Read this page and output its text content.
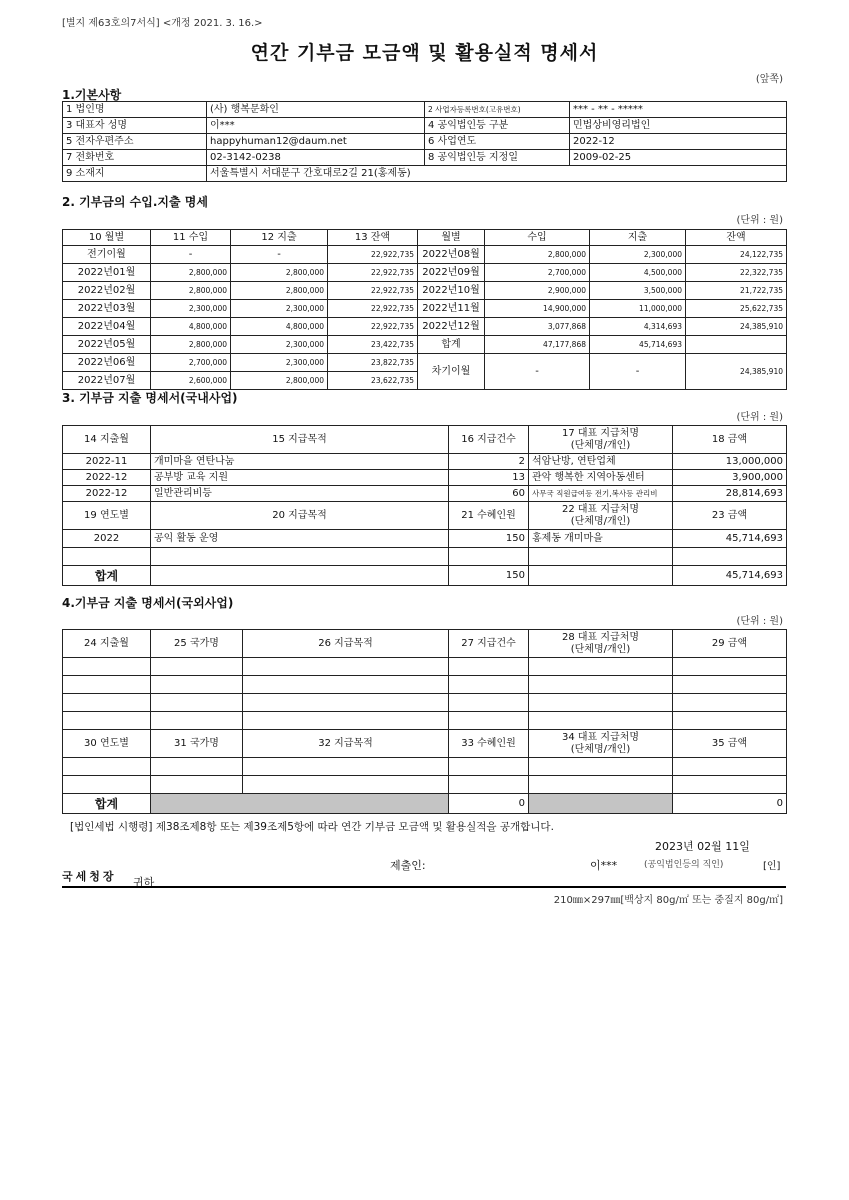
[별지 제63호의7서식] <개정 2021. 3. 16.>
연간 기부금 모금액 및 활용실적 명세서
(앞쪽)
1.기본사항
1 법인명	(사) 행복문화인	2 사업자등록번호(고유번호)	*** - ** - *****
3 대표자 성명	이***	4 공익법인등 구분	민법상비영리법인
5 전자우편주소	happyhuman12@daum.net	6 사업연도	2022-12
7 전화번호	02-3142-0238	8 공익법인등 지정일	2009-02-25
9 소재지	서울특별시 서대문구 간호대로2길 21(홍제동)		
2. 기부금의 수입.지출 명세
(단위 : 원)
10 월별	11 수입	12 지출	13 잔액	월별	수입	지출	잔액
전기이월	-	-	22,922,735	2022년08월	2,800,000	2,300,000	24,122,735
2022년01월	2,800,000	2,800,000	22,922,735	2022년09월	2,700,000	4,500,000	22,322,735
2022년02월	2,800,000	2,800,000	22,922,735	2022년10월	2,900,000	3,500,000	21,722,735
2022년03월	2,300,000	2,300,000	22,922,735	2022년11월	14,900,000	11,000,000	25,622,735
2022년04월	4,800,000	4,800,000	22,922,735	2022년12월	3,077,868	4,314,693	24,385,910
2022년05월	2,800,000	2,300,000	23,422,735	합계	47,177,868	45,714,693	
2022년06월	2,700,000	2,300,000	23,822,735	차기이월	-	-	24,385,910
2022년07월	2,600,000	2,800,000	23,622,735				
3. 기부금 지출 명세서(국내사업)
(단위 : 원)
14 지출월	15 지급목적	16 지급건수	17 대표 지급처명
(단체명/개인)	18 금액
2022-11	개미마을 연탄나눔	2	석암난방, 연탄업체	13,000,000
2022-12	공부방 교육 지원	13	관악 행복한 지역아동센터	3,900,000
2022-12	일반관리비등	60	사무국 직원급여등 전기,복사등 관리비	28,814,693
19 연도별	20 지급목적	21 수혜인원	22 대표 지급처명
(단체명/개인)	23 금액
2022	공익 활동 운영	150	홍제동 개미마을	45,714,693

합계		150		45,714,693
4.기부금 지출 명세서(국외사업)
(단위 : 원)
24 지출월	25 국가명	26 지급목적	27 지급건수	28 대표 지급처명
(단체명/개인)	29 금액

30 연도별	31 국가명	32 지급목적	33 수혜인원	34 대표 지급처명
(단체명/개인)	35 금액

합계			0		0
[법인세법 시행령] 제38조제8항 또는 제39조제5항에 따라 연간 기부금 모금액 및 활용실적을 공개합니다.
2023년 02월 11일
제출인:	이***	(공익법인등의 직인)	[인]
국세청장	귀하
210㎜×297㎜[백상지 80g/㎡ 또는 중질지 80g/㎡]
